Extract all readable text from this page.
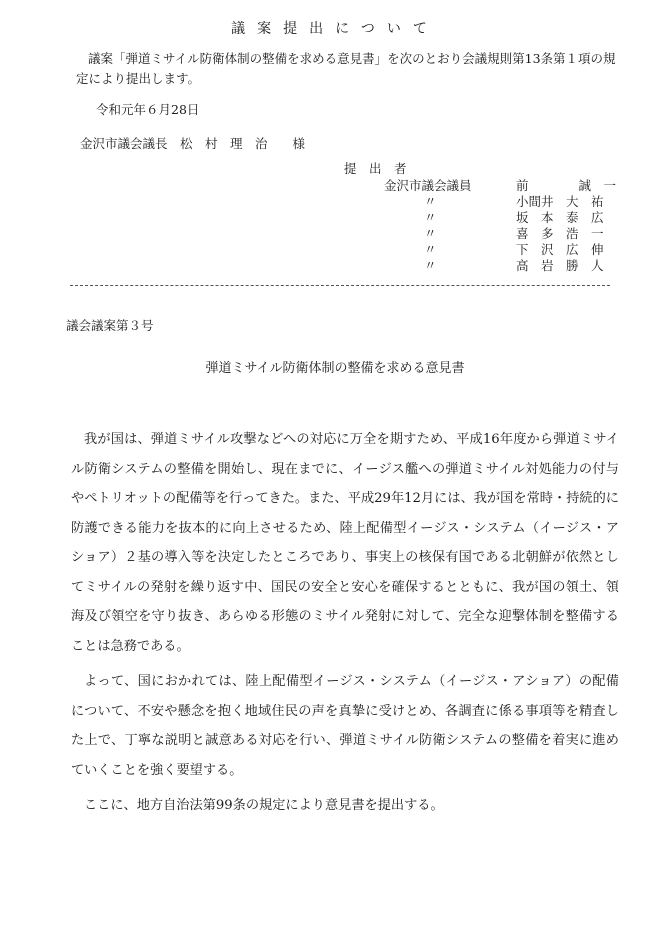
議案提出について
議案「弾道ミサイル防衛体制の整備を求める意見書」を次のとおり会議規則第13条第１項の規定により提出します。
令和元年６月28日
金沢市議会議長　松　村　理　治　　様
提　出　者
金沢市議会議員	前　　　　誠　一
〃	小間井　大　祐
〃	坂　本　泰　広
〃	喜　多　浩　一
〃	下　沢　広　伸
〃	高　岩　勝　人
議会議案第３号
弾道ミサイル防衛体制の整備を求める意見書

我が国は、弾道ミサイル攻撃などへの対応に万全を期すため、平成16年度から弾道ミサイル防衛システムの整備を開始し、現在までに、イージス艦への弾道ミサイル対処能力の付与やペトリオットの配備等を行ってきた。また、平成29年12月には、我が国を常時・持続的に防護できる能力を抜本的に向上させるため、陸上配備型イージス・システム（イージス・アショア）２基の導入等を決定したところであり、事実上の核保有国である北朝鮮が依然としてミサイルの発射を繰り返す中、国民の安全と安心を確保するとともに、我が国の領土、領海及び領空を守り抜き、あらゆる形態のミサイル発射に対して、完全な迎撃体制を整備することは急務である。

よって、国におかれては、陸上配備型イージス・システム（イージス・アショア）の配備について、不安や懸念を抱く地域住民の声を真摯に受けとめ、各調査に係る事項等を精査した上で、丁寧な説明と誠意ある対応を行い、弾道ミサイル防衛システムの整備を着実に進めていくことを強く要望する。

ここに、地方自治法第99条の規定により意見書を提出する。
